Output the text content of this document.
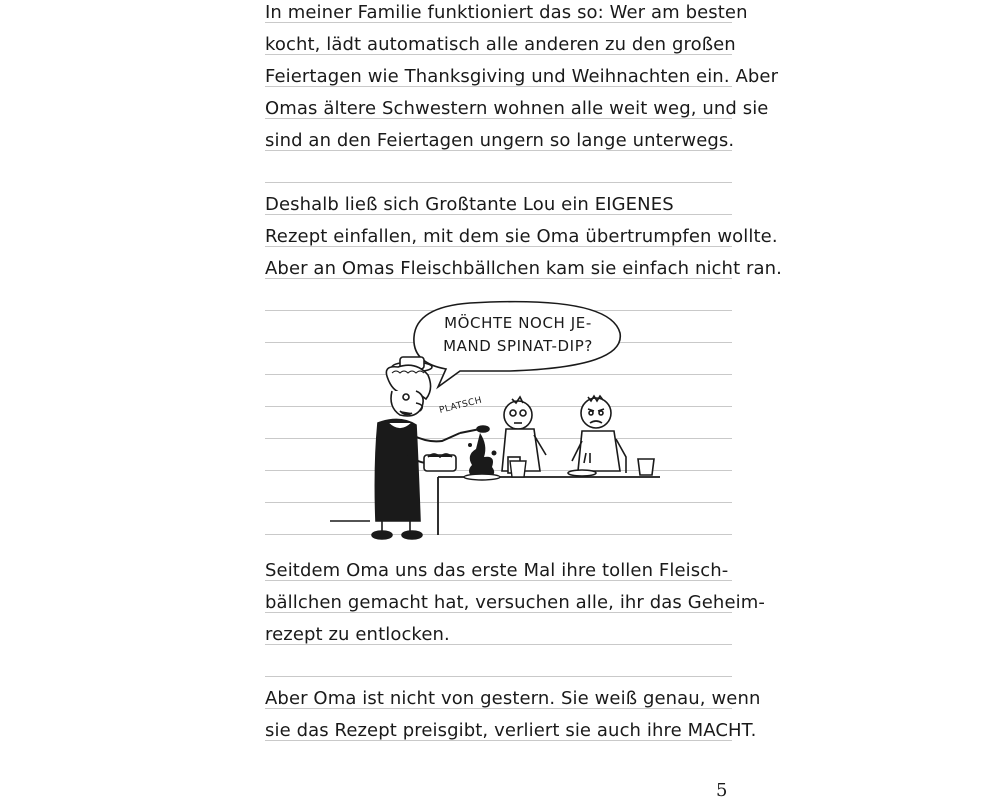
In meiner Familie funktioniert das so: Wer am besten
kocht, lädt automatisch alle anderen zu den großen
Feiertagen wie Thanksgiving und Weihnachten ein. Aber
Omas ältere Schwestern wohnen alle weit weg, und sie
sind an den Feiertagen ungern so lange unterwegs.
Deshalb ließ sich Großtante Lou ein EIGENES
Rezept einfallen, mit dem sie Oma übertrumpfen wollte.
Aber an Omas Fleischbällchen kam sie einfach nicht ran.
MÖCHTE NOCH JE-
MAND SPINAT-DIP?
PLATSCH
Seitdem Oma uns das erste Mal ihre tollen Fleisch-
bällchen gemacht hat, versuchen alle, ihr das Geheim-
rezept zu entlocken.
Aber Oma ist nicht von gestern. Sie weiß genau, wenn
sie das Rezept preisgibt, verliert sie auch ihre MACHT.
5
